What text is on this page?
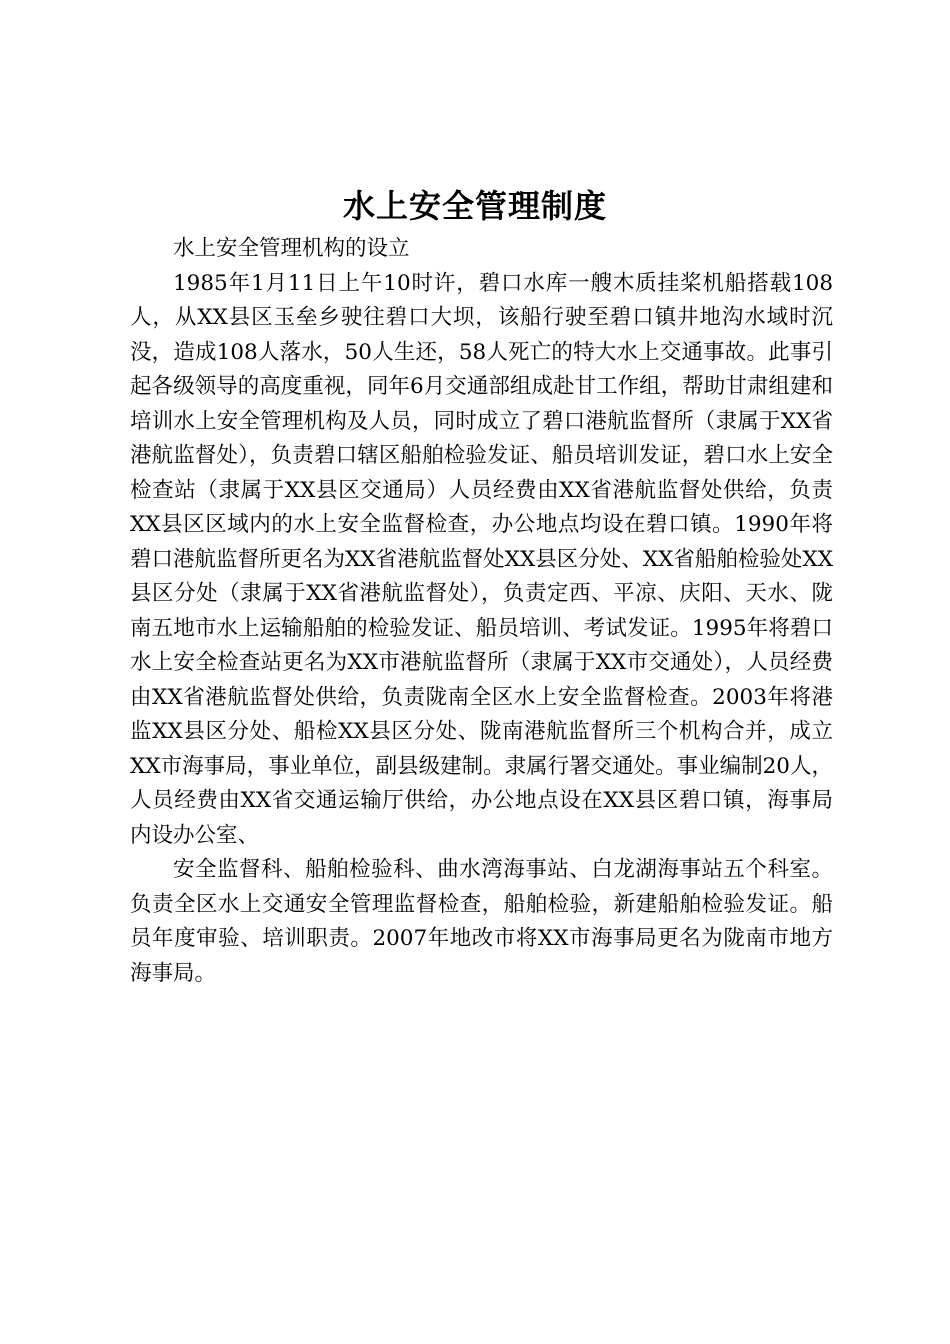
水上安全管理制度

水上安全管理机构的设立

1985年1月11日上午10时许，碧口水库一艘木质挂桨机船搭载108人，从XX县区玉垒乡驶往碧口大坝，该船行驶至碧口镇井地沟水域时沉没，造成108人落水，50人生还，58人死亡的特大水上交通事故。此事引起各级领导的高度重视，同年6月交通部组成赴甘工作组，帮助甘肃组建和培训水上安全管理机构及人员，同时成立了碧口港航监督所（隶属于XX省港航监督处），负责碧口辖区船舶检验发证、船员培训发证，碧口水上安全检查站（隶属于XX县区交通局）人员经费由XX省港航监督处供给，负责XX县区区域内的水上安全监督检查，办公地点均设在碧口镇。1990年将碧口港航监督所更名为XX省港航监督处XX县区分处、XX省船舶检验处XX县区分处（隶属于XX省港航监督处），负责定西、平凉、庆阳、天水、陇南五地市水上运输船舶的检验发证、船员培训、考试发证。1995年将碧口水上安全检查站更名为XX市港航监督所（隶属于XX市交通处），人员经费由XX省港航监督处供给，负责陇南全区水上安全监督检查。2003年将港监XX县区分处、船检XX县区分处、陇南港航监督所三个机构合并，成立XX市海事局，事业单位，副县级建制。隶属行署交通处。事业编制20人，人员经费由XX省交通运输厅供给，办公地点设在XX县区碧口镇，海事局内设办公室、

安全监督科、船舶检验科、曲水湾海事站、白龙湖海事站五个科室。负责全区水上交通安全管理监督检查，船舶检验，新建船舶检验发证。船员年度审验、培训职责。2007年地改市将XX市海事局更名为陇南市地方海事局。
